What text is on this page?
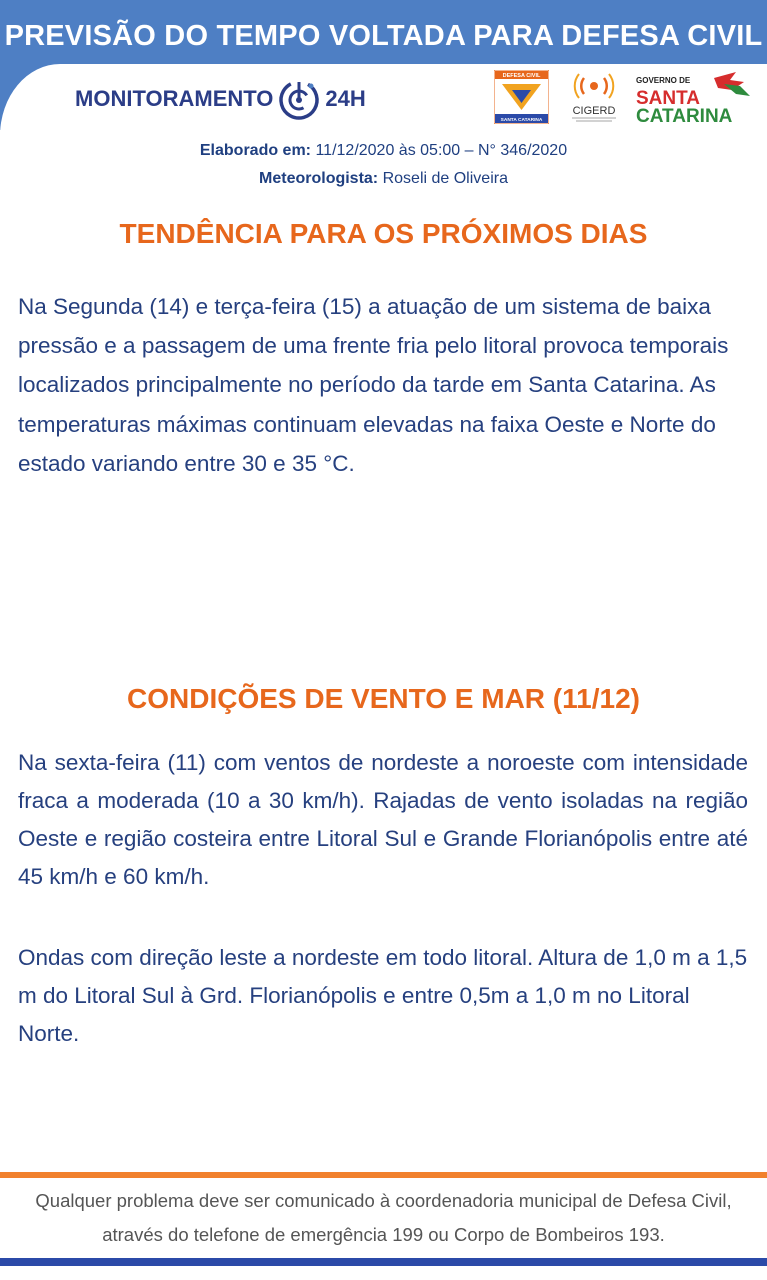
PREVISÃO DO TEMPO VOLTADA PARA DEFESA CIVIL
MONITORAMENTO 24H
DEFESA CIVIL
SANTA CATARINA
CIGERD
GOVERNO DE
SANTA
CATARINA
Elaborado em: 11/12/2020 às 05:00 – N° 346/2020
Meteorologista: Roseli de Oliveira
TENDÊNCIA PARA OS PRÓXIMOS DIAS
Na Segunda (14) e terça-feira (15) a atuação de um sistema de baixa pressão e a passagem de uma frente fria pelo litoral provoca temporais localizados principalmente no período da tarde em Santa Catarina. As temperaturas máximas continuam elevadas na faixa Oeste e Norte do estado variando entre 30 e 35 °C.
CONDIÇÕES DE VENTO E MAR (11/12)
Na sexta-feira (11) com ventos de nordeste a noroeste com intensidade fraca a moderada (10 a 30 km/h). Rajadas de vento isoladas na região Oeste e região costeira entre Litoral Sul e Grande Florianópolis entre até 45 km/h e 60 km/h.
Ondas com direção leste a nordeste em todo litoral. Altura de 1,0 m a 1,5 m do Litoral Sul à Grd. Florianópolis e entre 0,5m a 1,0 m no Litoral Norte.
Qualquer problema deve ser comunicado à coordenadoria municipal de Defesa Civil,
através do telefone de emergência 199 ou Corpo de Bombeiros 193.
